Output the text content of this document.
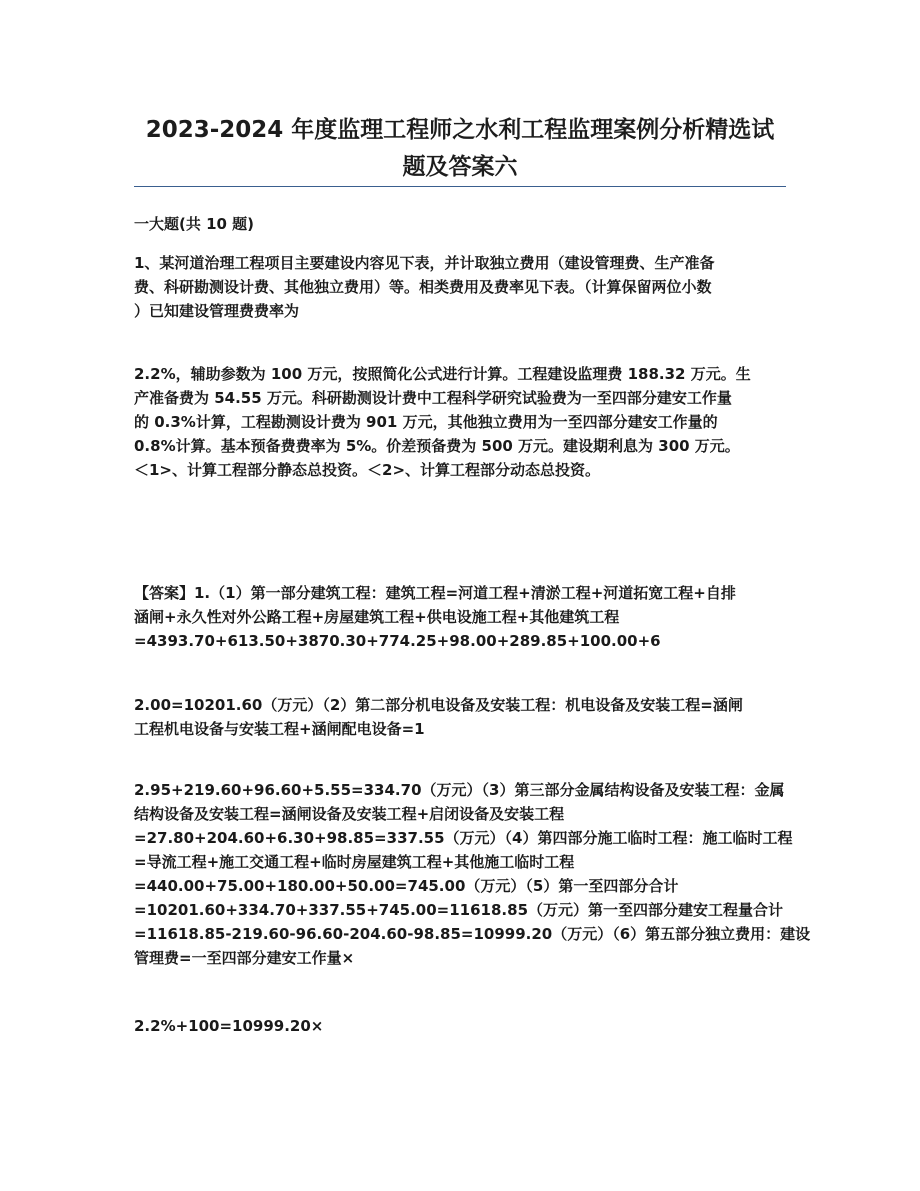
2023-2024 年度监理工程师之水利工程监理案例分析精选试
题及答案六

一大题(共 10 题)

1、某河道治理工程项目主要建设内容见下表，并计取独立费用（建设管理费、生产准备
费、科研勘测设计费、其他独立费用）等。相类费用及费率见下表。（计算保留两位小数
）已知建设管理费费率为

2.2%，辅助参数为 100 万元，按照简化公式进行计算。工程建设监理费 188.32 万元。生
产准备费为 54.55 万元。科研勘测设计费中工程科学研究试验费为一至四部分建安工作量
的 0.3%计算，工程勘测设计费为 901 万元，其他独立费用为一至四部分建安工作量的
0.8%计算。基本预备费费率为 5%。价差预备费为 500 万元。建设期利息为 300 万元。
＜1>、计算工程部分静态总投资。＜2>、计算工程部分动态总投资。

【答案】1.（1）第一部分建筑工程：建筑工程=河道工程+清淤工程+河道拓宽工程+自排
涵闸+永久性对外公路工程+房屋建筑工程+供电设施工程+其他建筑工程
=4393.70+613.50+3870.30+774.25+98.00+289.85+100.00+6

2.00=10201.60（万元）（2）第二部分机电设备及安装工程：机电设备及安装工程=涵闸
工程机电设备与安装工程+涵闸配电设备=1

2.95+219.60+96.60+5.55=334.70（万元）（3）第三部分金属结构设备及安装工程：金属
结构设备及安装工程=涵闸设备及安装工程+启闭设备及安装工程
=27.80+204.60+6.30+98.85=337.55（万元）（4）第四部分施工临时工程：施工临时工程
=导流工程+施工交通工程+临时房屋建筑工程+其他施工临时工程
=440.00+75.00+180.00+50.00=745.00（万元）（5）第一至四部分合计
=10201.60+334.70+337.55+745.00=11618.85（万元）第一至四部分建安工程量合计
=11618.85-219.60-96.60-204.60-98.85=10999.20（万元）（6）第五部分独立费用：建设
管理费=一至四部分建安工作量×

2.2%+100=10999.20×
